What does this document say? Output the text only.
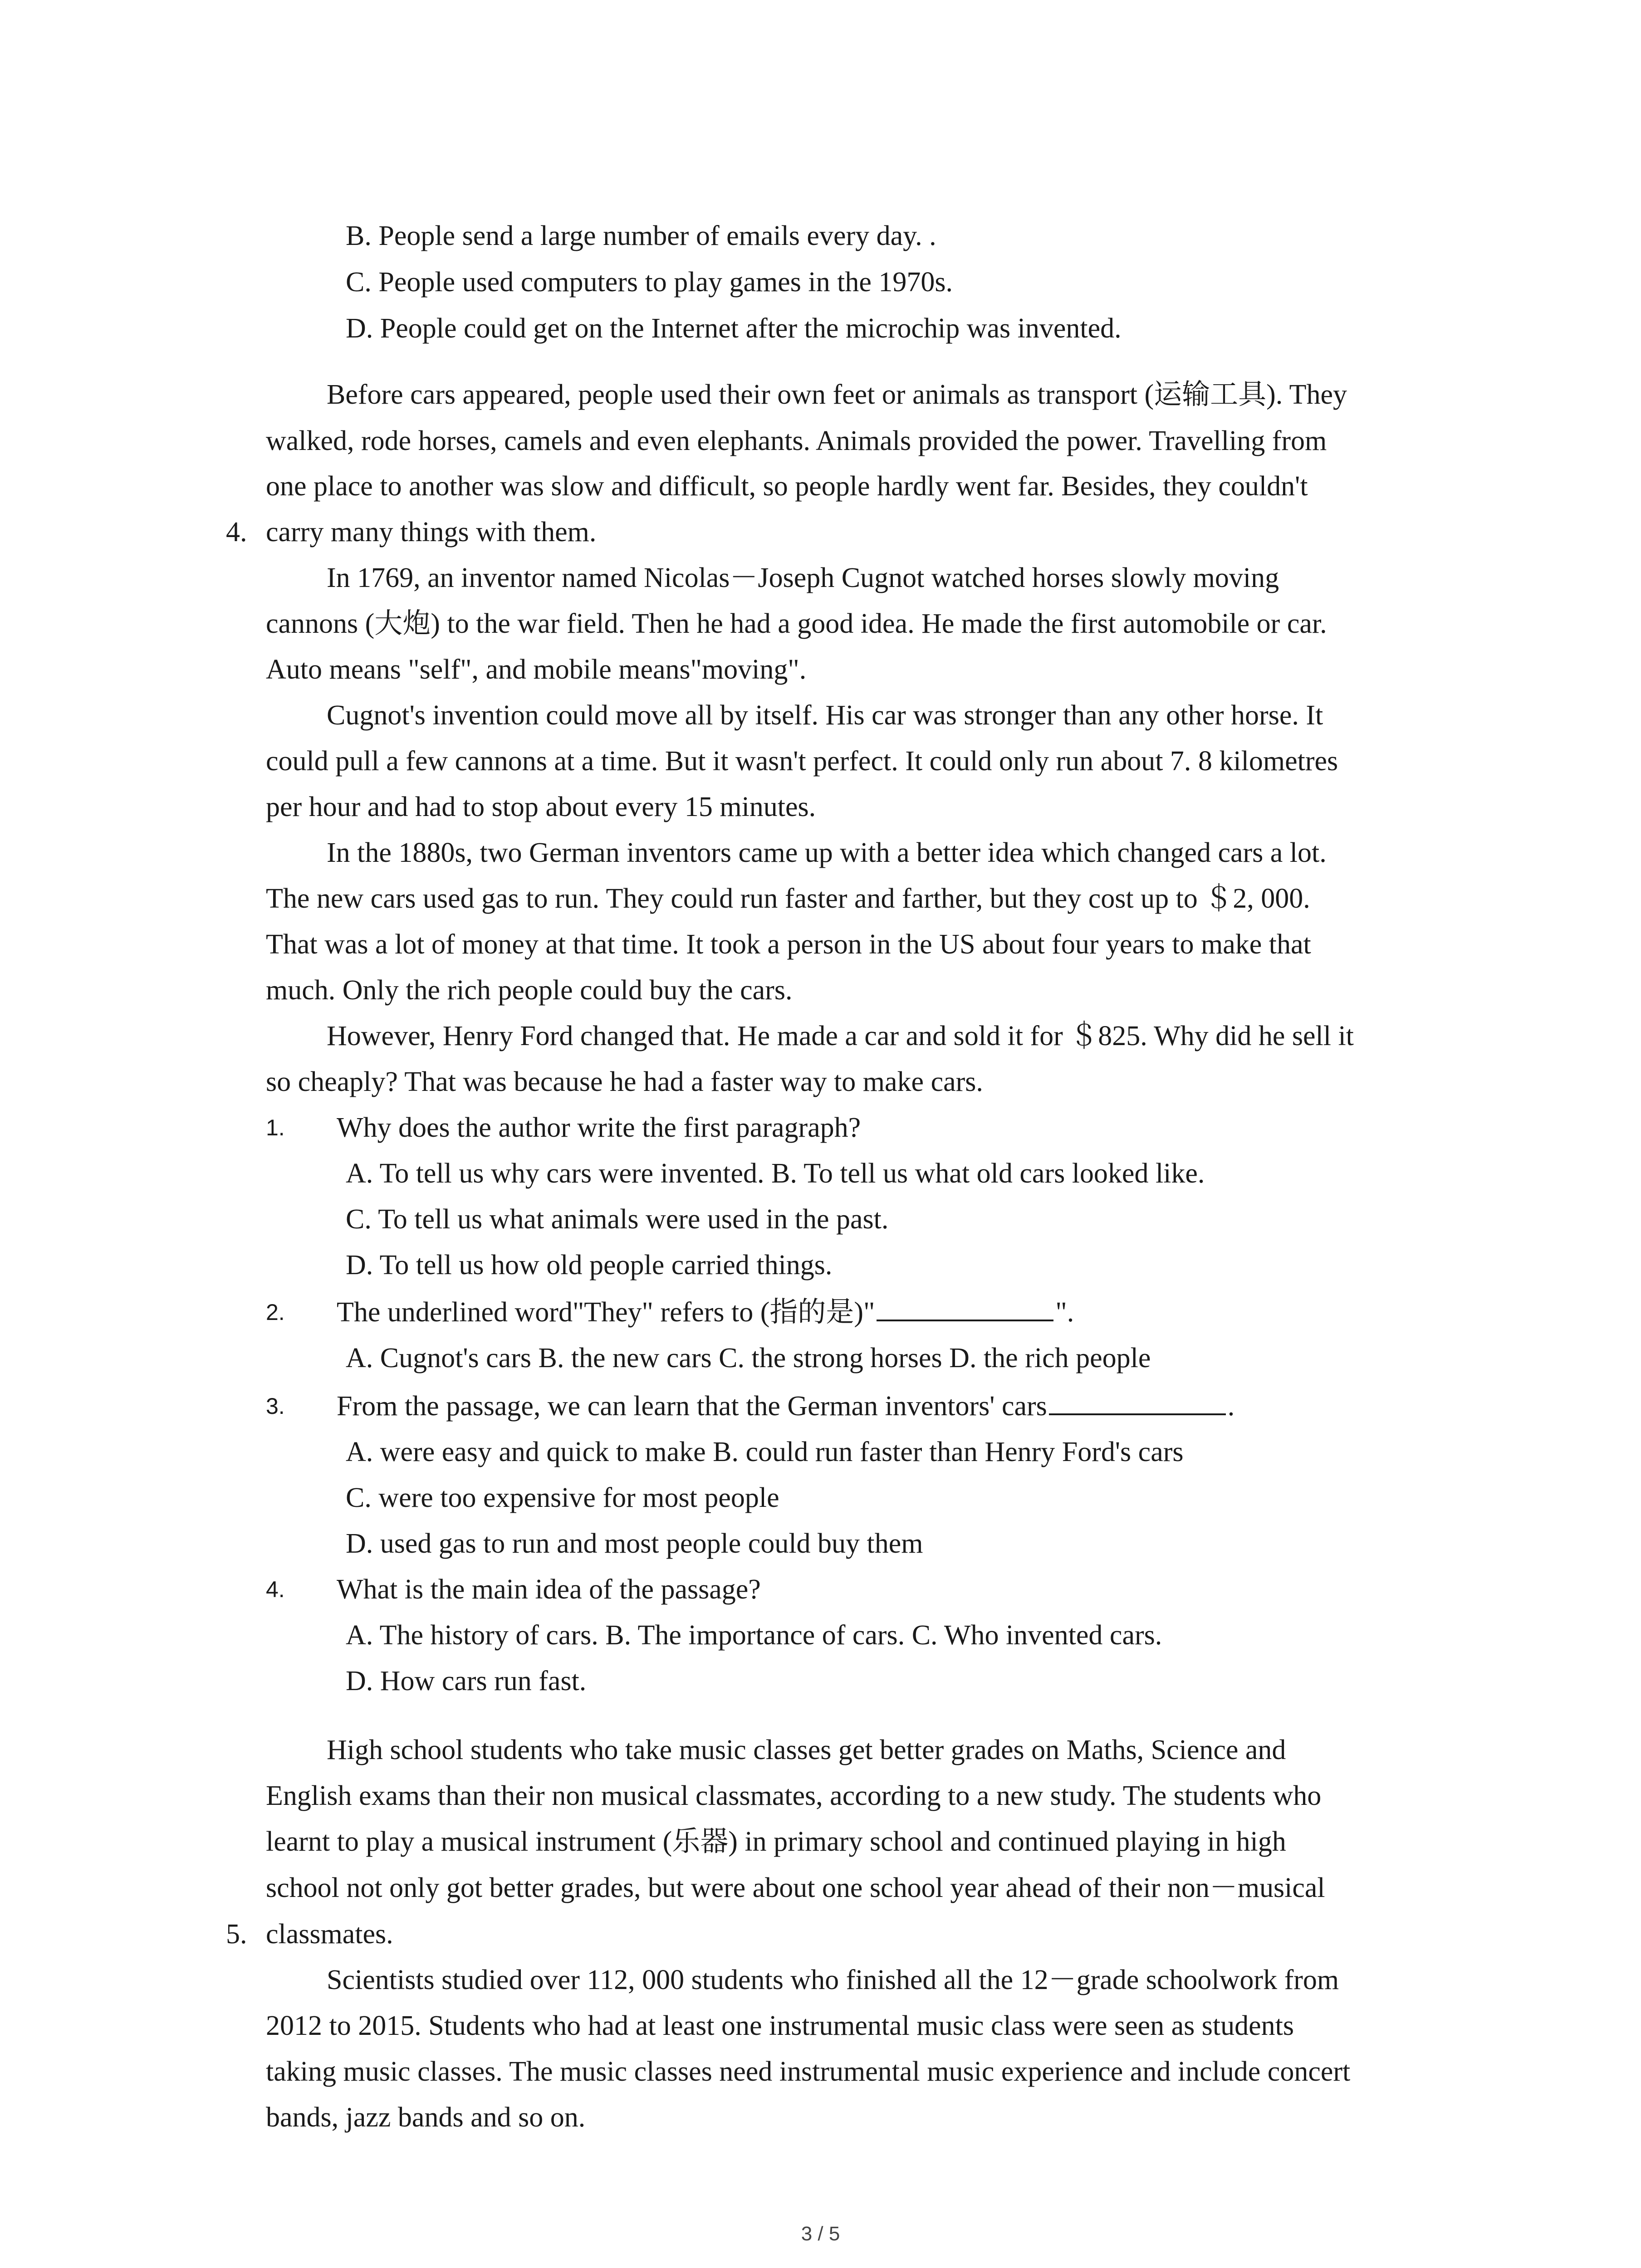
B. People send a large number of emails every day. .
C. People used computers to play games in the 1970s.
D. People could get on the Internet after the microchip was invented.
4.
Before cars appeared, people used their own feet or animals as transport (运输工具). They
walked, rode horses, camels and even elephants. Animals provided the power. Travelling from
one place to another was slow and difficult, so people hardly went far. Besides, they couldn't
carry many things with them.
In 1769, an inventor named Nicolas－Joseph Cugnot watched horses slowly moving
cannons (大炮) to the war field. Then he had a good idea. He made the first automobile or car.
Auto means "self", and mobile means"moving".
Cugnot's invention could move all by itself. His car was stronger than any other horse. It
could pull a few cannons at a time. But it wasn't perfect. It could only run about 7. 8 kilometres
per hour and had to stop about every 15 minutes.
In the 1880s, two German inventors came up with a better idea which changed cars a lot.
The new cars used gas to run. They could run faster and farther, but they cost up to ＄2, 000.
That was a lot of money at that time. It took a person in the US about four years to make that
much. Only the rich people could buy the cars.
However, Henry Ford changed that. He made a car and sold it for ＄825. Why did he sell it
so cheaply? That was because he had a faster way to make cars.
1. Why does the author write the first paragraph?
A. To tell us why cars were invented. B. To tell us what old cars looked like.
C. To tell us what animals were used in the past.
D. To tell us how old people carried things.
2. The underlined word"They" refers to (指的是)"	".
A. Cugnot's cars B. the new cars C. the strong horses D. the rich people
3. From the passage, we can learn that the German inventors' cars	.
A. were easy and quick to make B. could run faster than Henry Ford's cars
C. were too expensive for most people
D. used gas to run and most people could buy them
4. What is the main idea of the passage?
A. The history of cars. B. The importance of cars. C. Who invented cars.
D. How cars run fast.
5.
High school students who take music classes get better grades on Maths, Science and
English exams than their non musical classmates, according to a new study. The students who
learnt to play a musical instrument (乐器) in primary school and continued playing in high
school not only got better grades, but were about one school year ahead of their non－musical
classmates.
Scientists studied over 112, 000 students who finished all the 12－grade schoolwork from
2012 to 2015. Students who had at least one instrumental music class were seen as students
taking music classes. The music classes need instrumental music experience and include concert
bands, jazz bands and so on.
3 / 5
